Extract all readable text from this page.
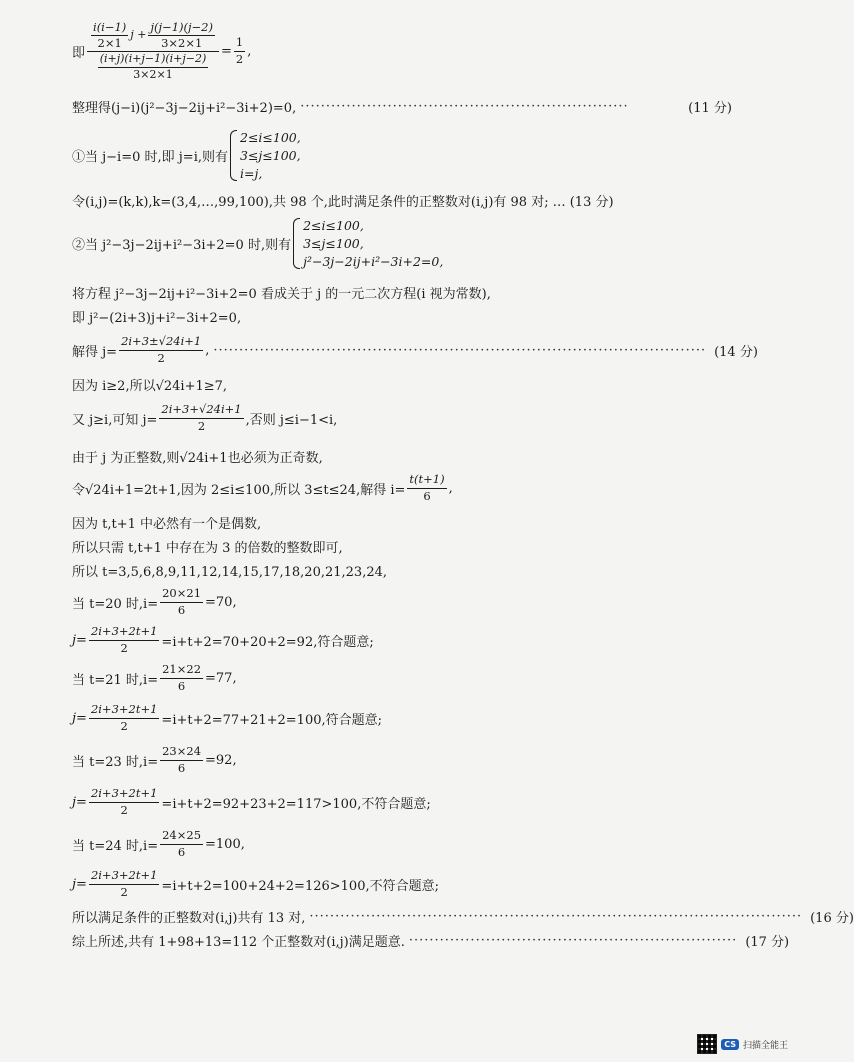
即 $\frac{\frac{i(i-1)}{2\times 1} j + \frac{j(j-1)(j-2)}{3\times 2\times 1}}{\frac{(i+j)(i+j-1)(i+j-2)}{3\times 2\times 1}} = \frac{1}{2}$ ,
整理得(j−i)(j²−3j−2ij+i²−3i+2)=0, ································································	(11 分)
①当 j−i=0 时,即 j=i,则有
2≤i≤100,
3≤j≤100,
i=j,
令(i,j)=(k,k),k=(3,4,…,99,100),共 98 个,此时满足条件的正整数对(i,j)有 98 对; … (13 分)
②当 j²−3j−2ij+i²−3i+2=0 时,则有
2≤i≤100,
3≤j≤100,
j²−3j−2ij+i²−3i+2=0,
将方程 j²−3j−2ij+i²−3i+2=0 看成关于 j 的一元二次方程(i 视为常数),
即 j²−(2i+3)j+i²−3i+2=0,
解得 $j= \frac{2i+3\pm√24i+1}{2}$ , ································································································ (14 分)
因为 i≥2,所以√24i+1≥7,
又 j≥i,可知 $j= \frac{2i+3+√24i+1}{2}$ ,否则 j≤i−1<i,
由于 j 为正整数,则√24i+1也必须为正奇数,
令√24i+1=2t+1,因为 2≤i≤100,所以 3≤t≤24,解得 $i= \frac{t(t+1)}{6}$ ,
因为 t,t+1 中必然有一个是偶数,
所以只需 t,t+1 中存在为 3 的倍数的整数即可,
所以 t=3,5,6,8,9,11,12,14,15,17,18,20,21,23,24,
当 t=20 时$,i= \frac{20\times 21}{6} =70$,
$j= \frac{2i+3+2t+1}{2} =i+t+2=70+20+2=92$,符合题意;
当 t=21 时$,i= \frac{21\times 22}{6} =77$,
$j= \frac{2i+3+2t+1}{2} =i+t+2=77+21+2=100$,符合题意;
当 t=23 时$,i= \frac{23\times 24}{6} =92$,
$j= \frac{2i+3+2t+1}{2} =i+t+2=92+23+2=117>100$,不符合题意;
当 t=24 时$,i= \frac{24\times 25}{6} =100$,
$j= \frac{2i+3+2t+1}{2} =i+t+2=100+24+2=126>100$,不符合题意;
所以满足条件的正整数对(i,j)共有 13 对, ································································································ (16 分)
综上所述,共有 1+98+13=112 个正整数对(i,j)满足题意. ································································ (17 分)
CS 扫描全能王
